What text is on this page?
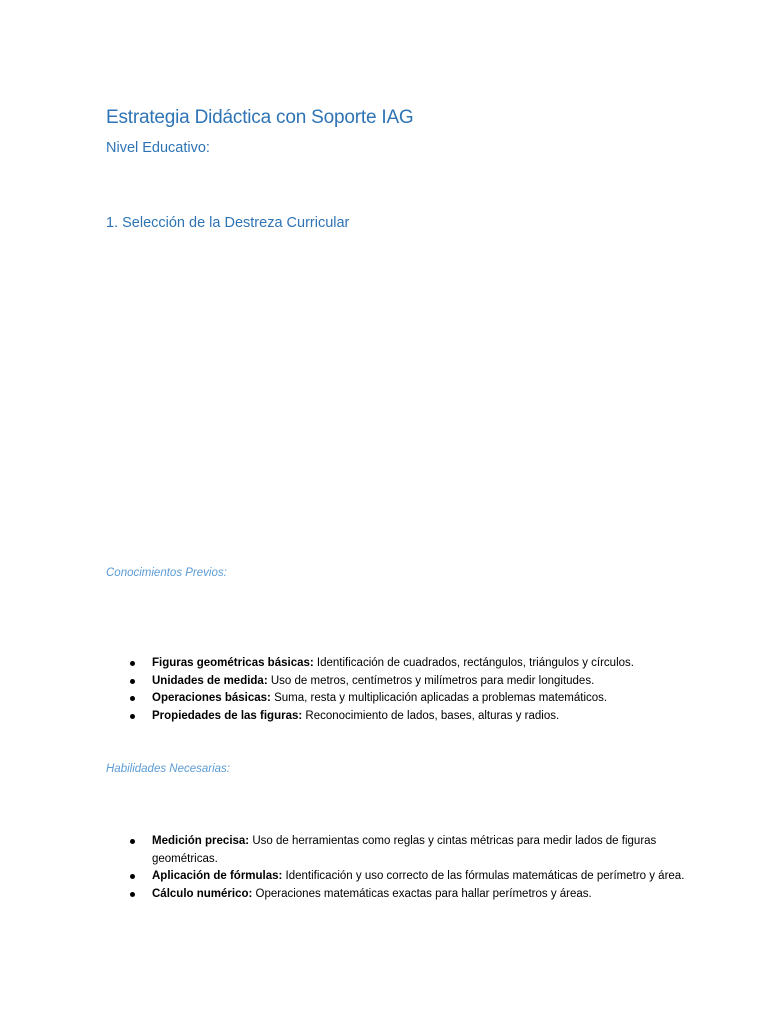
Estrategia Didáctica con Soporte IAG
Nivel Educativo:
1. Selección de la Destreza Curricular
Conocimientos Previos:
Figuras geométricas básicas: Identificación de cuadrados, rectángulos, triángulos y círculos.
Unidades de medida: Uso de metros, centímetros y milímetros para medir longitudes.
Operaciones básicas: Suma, resta y multiplicación aplicadas a problemas matemáticos.
Propiedades de las figuras: Reconocimiento de lados, bases, alturas y radios.
Habilidades Necesarias:
Medición precisa: Uso de herramientas como reglas y cintas métricas para medir lados de figuras geométricas.
Aplicación de fórmulas: Identificación y uso correcto de las fórmulas matemáticas de perímetro y área.
Cálculo numérico: Operaciones matemáticas exactas para hallar perímetros y áreas.
